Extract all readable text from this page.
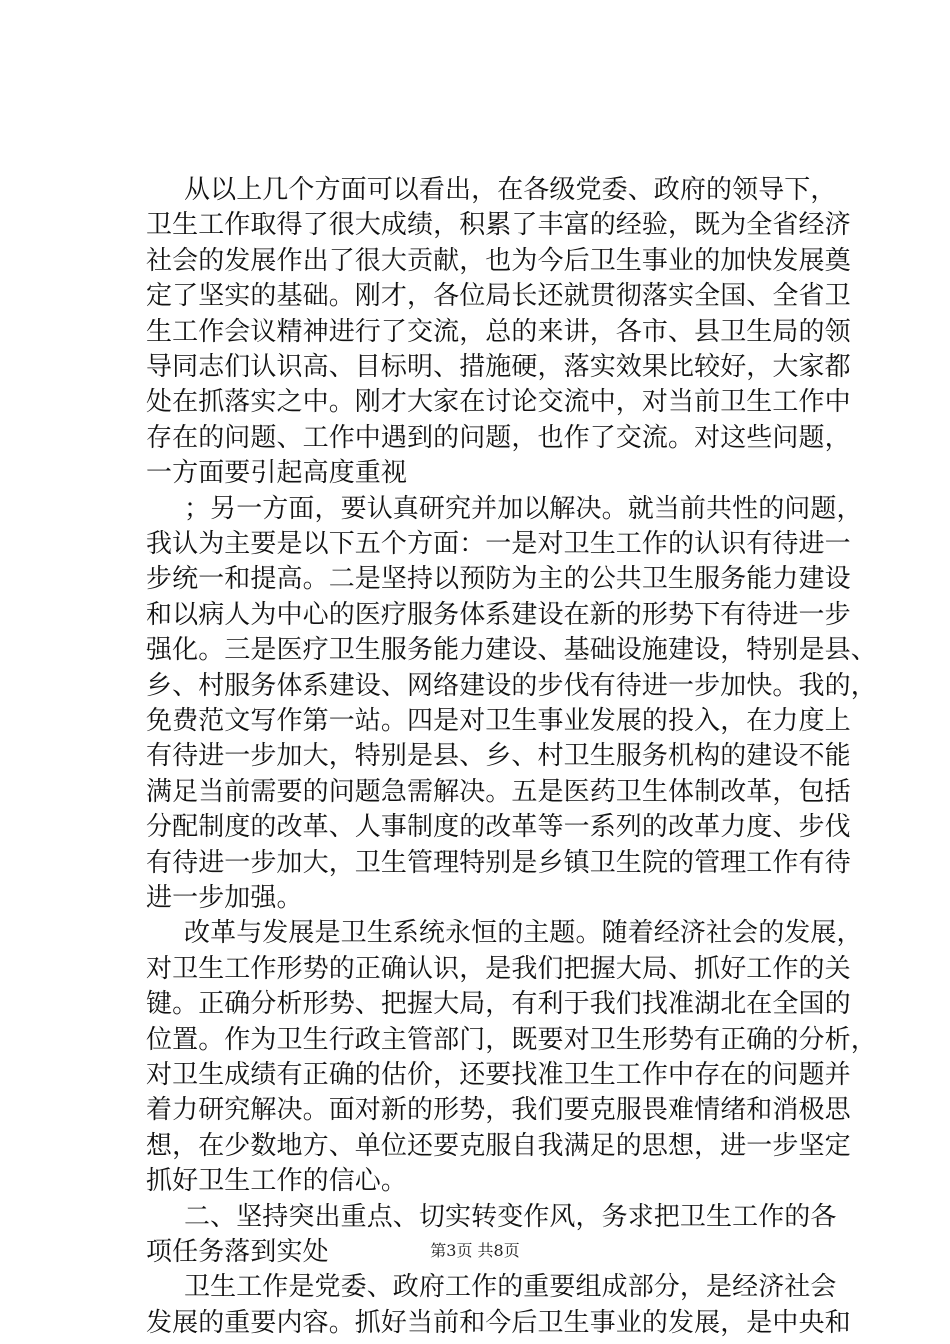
从以上几个方面可以看出，在各级党委、政府的领导下，
卫生工作取得了很大成绩，积累了丰富的经验，既为全省经济
社会的发展作出了很大贡献，也为今后卫生事业的加快发展奠
定了坚实的基础。刚才，各位局长还就贯彻落实全国、全省卫
生工作会议精神进行了交流，总的来讲，各市、县卫生局的领
导同志们认识高、目标明、措施硬，落实效果比较好，大家都
处在抓落实之中。刚才大家在讨论交流中，对当前卫生工作中
存在的问题、工作中遇到的问题，也作了交流。对这些问题，
一方面要引起高度重视
；另一方面，要认真研究并加以解决。就当前共性的问题，
我认为主要是以下五个方面：一是对卫生工作的认识有待进一
步统一和提高。二是坚持以预防为主的公共卫生服务能力建设
和以病人为中心的医疗服务体系建设在新的形势下有待进一步
强化。三是医疗卫生服务能力建设、基础设施建设，特别是县、
乡、村服务体系建设、网络建设的步伐有待进一步加快。我的，
免费范文写作第一站。四是对卫生事业发展的投入，在力度上
有待进一步加大，特别是县、乡、村卫生服务机构的建设不能
满足当前需要的问题急需解决。五是医药卫生体制改革，包括
分配制度的改革、人事制度的改革等一系列的改革力度、步伐
有待进一步加大，卫生管理特别是乡镇卫生院的管理工作有待
进一步加强。
改革与发展是卫生系统永恒的主题。随着经济社会的发展，
对卫生工作形势的正确认识，是我们把握大局、抓好工作的关
键。正确分析形势、把握大局，有利于我们找准湖北在全国的
位置。作为卫生行政主管部门，既要对卫生形势有正确的分析，
对卫生成绩有正确的估价，还要找准卫生工作中存在的问题并
着力研究解决。面对新的形势，我们要克服畏难情绪和消极思
想，在少数地方、单位还要克服自我满足的思想，进一步坚定
抓好卫生工作的信心。
二、坚持突出重点、切实转变作风，务求把卫生工作的各
项任务落到实处
卫生工作是党委、政府工作的重要组成部分，是经济社会
发展的重要内容。抓好当前和今后卫生事业的发展，是中央和
第3页 共8页
